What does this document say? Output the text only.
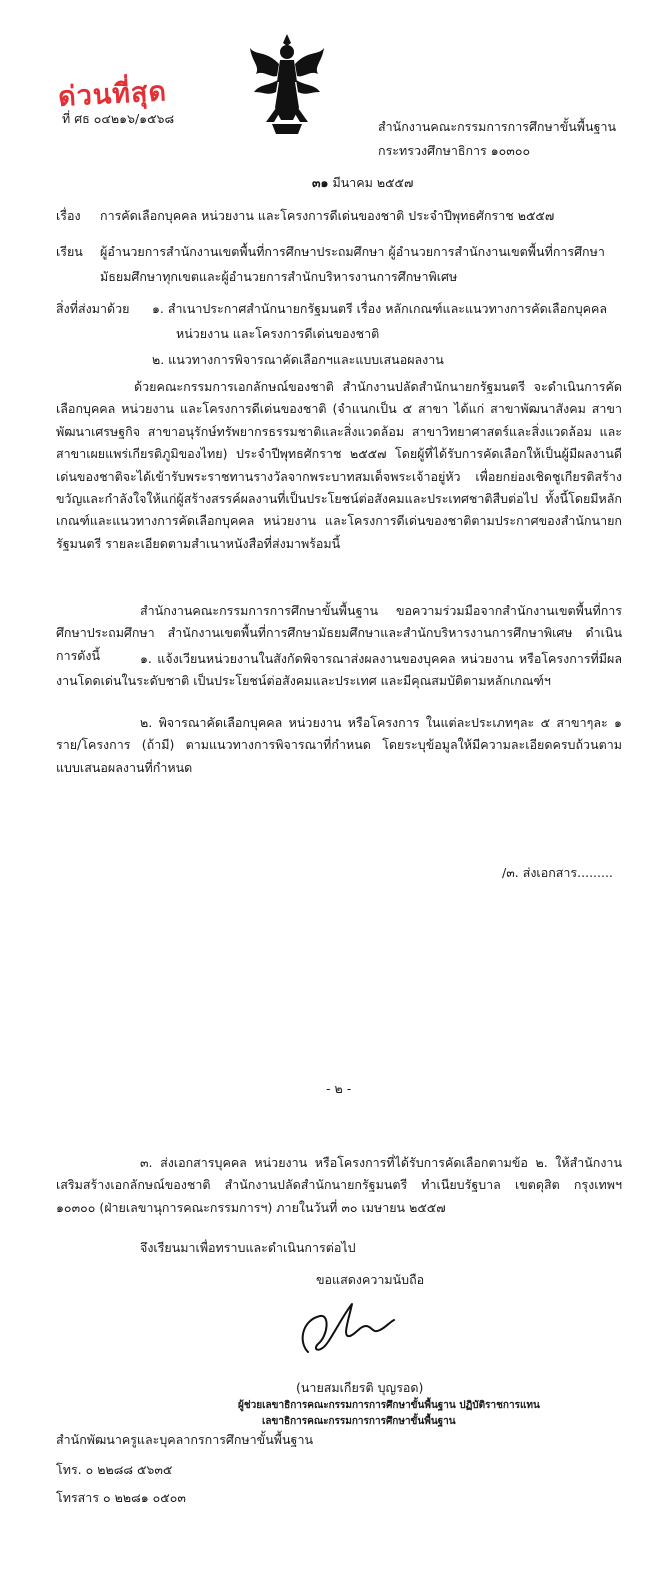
ด่วนที่สุด
ที่ ศธ ๐๔๒๑๖/๑๕๖๘
สำนักงานคณะกรรมการการศึกษาขั้นพื้นฐาน
กระทรวงศึกษาธิการ ๑๐๓๐๐
๓๑ มีนาคม ๒๕๕๗
เรื่อง การคัดเลือกบุคคล หน่วยงาน และโครงการดีเด่นของชาติ ประจำปีพุทธศักราช ๒๕๕๗
เรียน ผู้อำนวยการสำนักงานเขตพื้นที่การศึกษาประถมศึกษา ผู้อำนวยการสำนักงานเขตพื้นที่การศึกษา
มัธยมศึกษาทุกเขตและผู้อำนวยการสำนักบริหารงานการศึกษาพิเศษ
สิ่งที่ส่งมาด้วย ๑. สำเนาประกาศสำนักนายกรัฐมนตรี เรื่อง หลักเกณฑ์และแนวทางการคัดเลือกบุคคล
หน่วยงาน และโครงการดีเด่นของชาติ
๒. แนวทางการพิจารณาคัดเลือกฯและแบบเสนอผลงาน
ด้วยคณะกรรมการเอกลักษณ์ของชาติ สำนักงานปลัดสำนักนายกรัฐมนตรี จะดำเนินการคัดเลือกบุคคล หน่วยงาน และโครงการดีเด่นของชาติ (จำแนกเป็น ๕ สาขา ได้แก่ สาขาพัฒนาสังคม สาขาพัฒนาเศรษฐกิจ สาขาอนุรักษ์ทรัพยากรธรรมชาติและสิ่งแวดล้อม สาขาวิทยาศาสตร์และสิ่งแวดล้อม และสาขาเผยแพร่เกียรติภูมิของไทย) ประจำปีพุทธศักราช ๒๕๕๗ โดยผู้ที่ได้รับการคัดเลือกให้เป็นผู้มีผลงานดีเด่นของชาติจะได้เข้ารับพระราชทานรางวัลจากพระบาทสมเด็จพระเจ้าอยู่หัว เพื่อยกย่องเชิดชูเกียรติสร้างขวัญและกำลังใจให้แก่ผู้สร้างสรรค์ผลงานที่เป็นประโยชน์ต่อสังคมและประเทศชาติสืบต่อไป ทั้งนี้โดยมีหลักเกณฑ์และแนวทางการคัดเลือกบุคคล หน่วยงาน และโครงการดีเด่นของชาติตามประกาศของสำนักนายกรัฐมนตรี รายละเอียดตามสำเนาหนังสือที่ส่งมาพร้อมนี้
สำนักงานคณะกรรมการการศึกษาขั้นพื้นฐาน ขอความร่วมมือจากสำนักงานเขตพื้นที่การศึกษาประถมศึกษา สำนักงานเขตพื้นที่การศึกษามัธยมศึกษาและสำนักบริหารงานการศึกษาพิเศษ ดำเนินการดังนี้	๑. แจ้งเวียนหน่วยงานในสังกัดพิจารณาส่งผลงานของบุคคล หน่วยงาน หรือโครงการที่มีผลงานโดดเด่นในระดับชาติ เป็นประโยชน์ต่อสังคมและประเทศ และมีคุณสมบัติตามหลักเกณฑ์ฯ
๒. พิจารณาคัดเลือกบุคคล หน่วยงาน หรือโครงการ ในแต่ละประเภทๆละ ๕ สาขาๆละ ๑ ราย/โครงการ (ถ้ามี) ตามแนวทางการพิจารณาที่กำหนด โดยระบุข้อมูลให้มีความละเอียดครบถ้วนตามแบบเสนอผลงานที่กำหนด
/๓. ส่งเอกสาร.........
- ๒ -
๓. ส่งเอกสารบุคคล หน่วยงาน หรือโครงการที่ได้รับการคัดเลือกตามข้อ ๒. ให้สำนักงานเสริมสร้างเอกลักษณ์ของชาติ สำนักงานปลัดสำนักนายกรัฐมนตรี ทำเนียบรัฐบาล เขตดุสิต กรุงเทพฯ ๑๐๓๐๐ (ฝ่ายเลขานุการคณะกรรมการฯ) ภายในวันที่ ๓๐ เมษายน ๒๕๕๗
จึงเรียนมาเพื่อทราบและดำเนินการต่อไป
ขอแสดงความนับถือ
(นายสมเกียรติ บุญรอด)
ผู้ช่วยเลขาธิการคณะกรรมการการศึกษาขั้นพื้นฐาน ปฏิบัติราชการแทน
เลขาธิการคณะกรรมการการศึกษาขั้นพื้นฐาน
สำนักพัฒนาครูและบุคลากรการศึกษาขั้นพื้นฐาน
โทร. ๐ ๒๒๘๘ ๕๖๓๕
โทรสาร ๐ ๒๒๘๑ ๐๕๐๓
